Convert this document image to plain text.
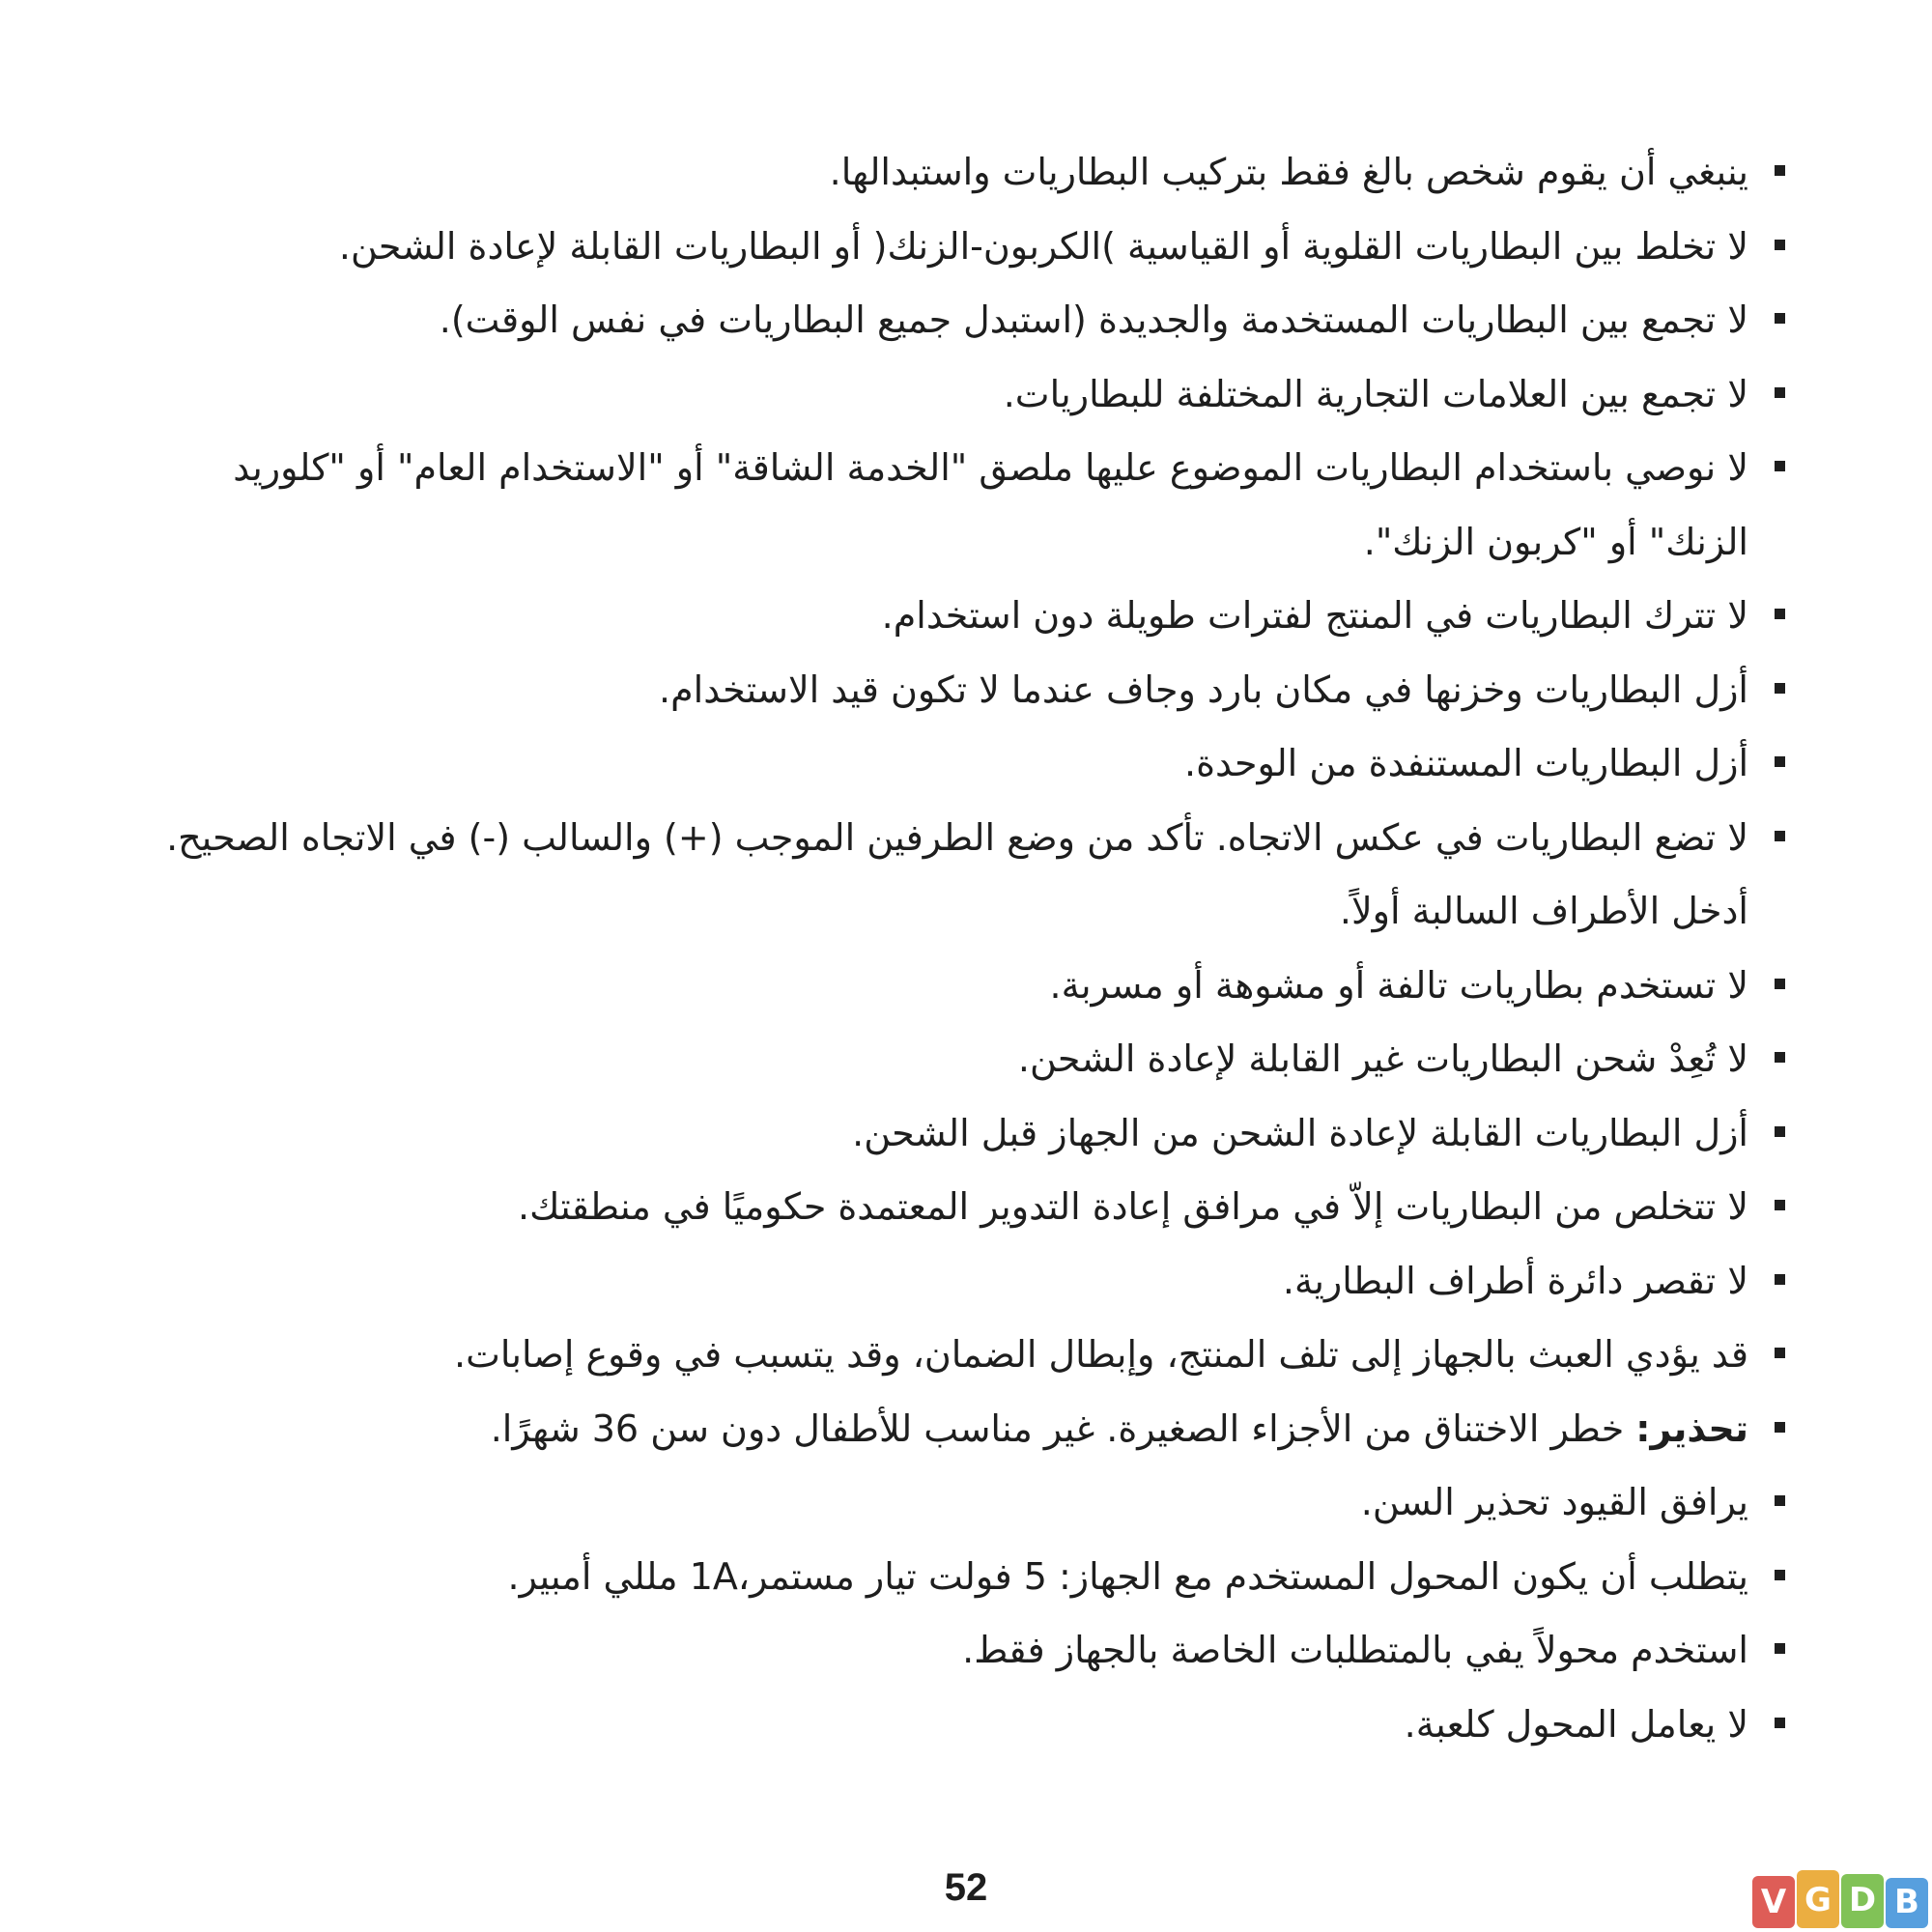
ينبغي أن يقوم شخص بالغ فقط بتركيب البطاريات واستبدالها.
لا تخلط بين البطاريات القلوية أو القياسية )الكربون-الزنك( أو البطاريات القابلة لإعادة الشحن.
لا تجمع بين البطاريات المستخدمة والجديدة (استبدل جميع البطاريات في نفس الوقت).
لا تجمع بين العلامات التجارية المختلفة للبطاريات.
لا نوصي باستخدام البطاريات الموضوع عليها ملصق "الخدمة الشاقة" أو "الاستخدام العام" أو "كلوريد الزنك" أو "كربون الزنك".
لا تترك البطاريات في المنتج لفترات طويلة دون استخدام.
أزل البطاريات وخزنها في مكان بارد وجاف عندما لا تكون قيد الاستخدام.
أزل البطاريات المستنفدة من الوحدة.
لا تضع البطاريات في عكس الاتجاه. تأكد من وضع الطرفين الموجب (+) والسالب (-) في الاتجاه الصحيح. أدخل الأطراف السالبة أولاً.
لا تستخدم بطاريات تالفة أو مشوهة أو مسربة.
لا تُعِدْ شحن البطاريات غير القابلة لإعادة الشحن.
أزل البطاريات القابلة لإعادة الشحن من الجهاز قبل الشحن.
لا تتخلص من البطاريات إلاّ في مرافق إعادة التدوير المعتمدة حكوميًا في منطقتك.
لا تقصر دائرة أطراف البطارية.
قد يؤدي العبث بالجهاز إلى تلف المنتج، وإبطال الضمان، وقد يتسبب في وقوع إصابات.
تحذير: خطر الاختناق من الأجزاء الصغيرة. غير مناسب للأطفال دون سن 36 شهرًا.
يرافق القيود تحذير السن.
يتطلب أن يكون المحول المستخدم مع الجهاز: 5 فولت تيار مستمر،1A مللي أمبير.
استخدم محولاً يفي بالمتطلبات الخاصة بالجهاز فقط.
لا يعامل المحول كلعبة.
52	V G D B
